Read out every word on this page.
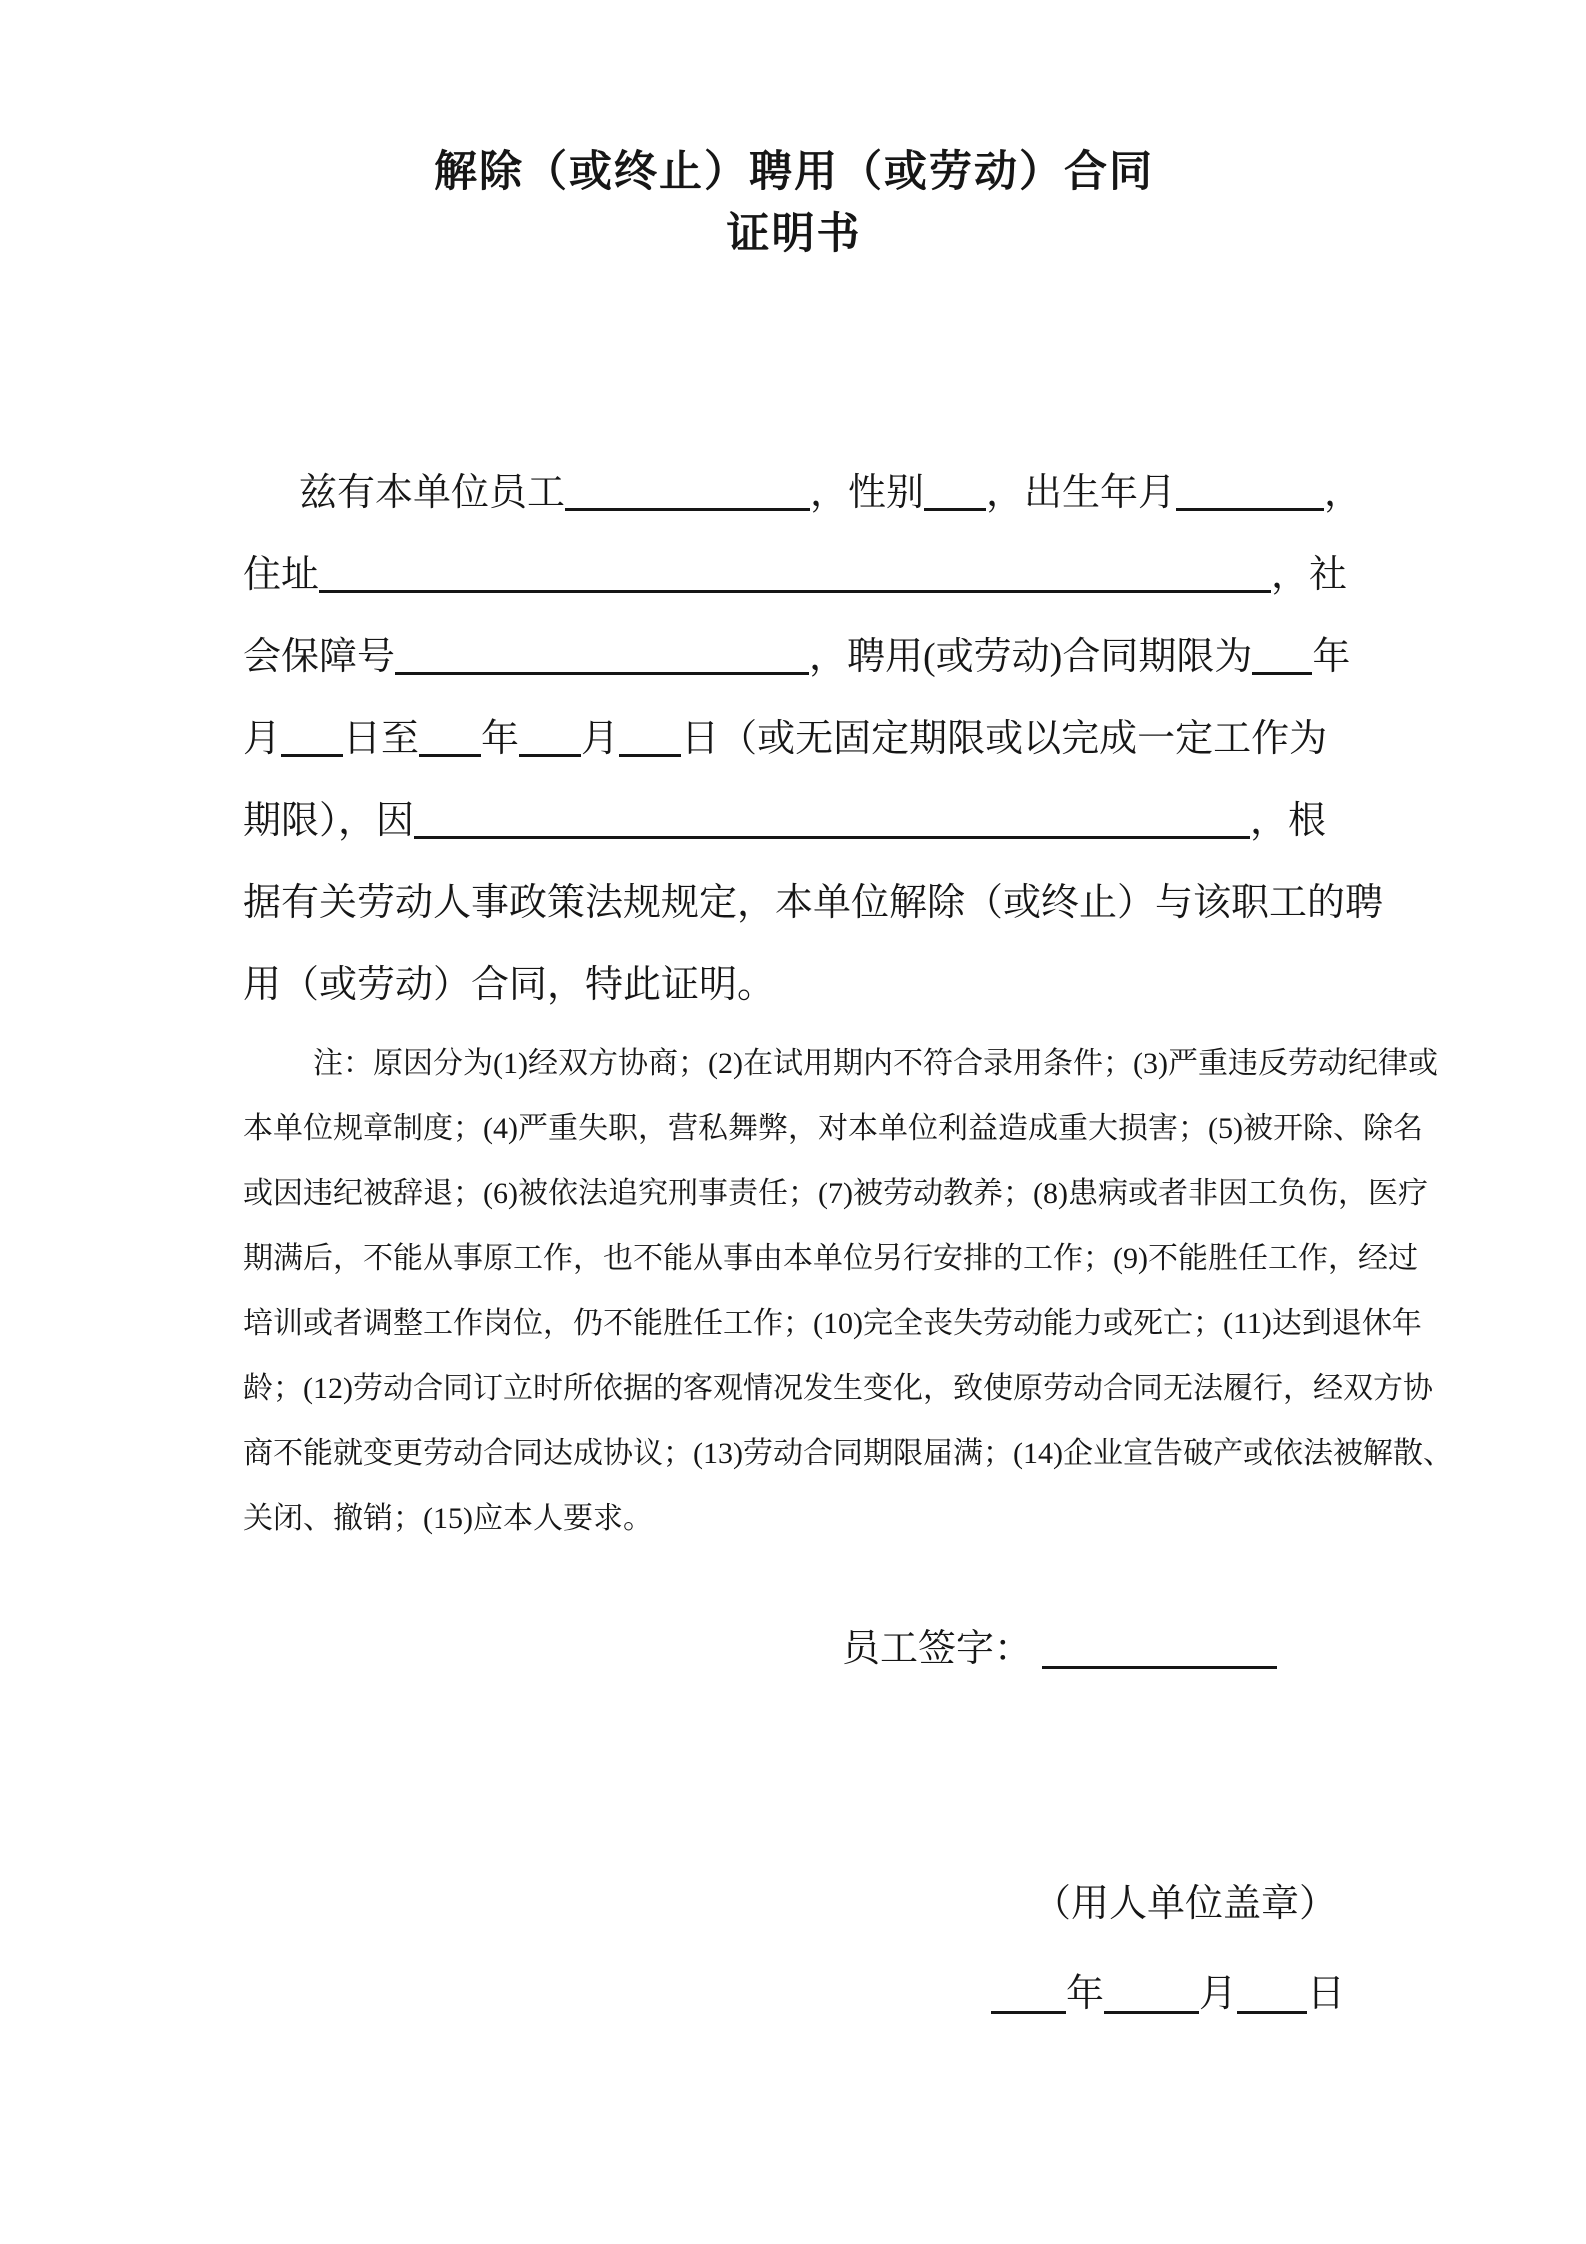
解除（或终止）聘用（或劳动）合同
证明书
兹有本单位员工	，性别 ，出生年月	，
住址	，社
会保障号	，聘用(或劳动)合同期限为 年
月 日至 年 月 日（或无固定期限或以完成一定工作为
期限），因	，根
据有关劳动人事政策法规规定，本单位解除（或终止）与该职工的聘
用（或劳动）合同，特此证明。
注：原因分为(1)经双方协商；(2)在试用期内不符合录用条件；(3)严重违反劳动纪律或
本单位规章制度；(4)严重失职，营私舞弊，对本单位利益造成重大损害；(5)被开除、除名
或因违纪被辞退；(6)被依法追究刑事责任；(7)被劳动教养；(8)患病或者非因工负伤，医疗
期满后，不能从事原工作，也不能从事由本单位另行安排的工作；(9)不能胜任工作，经过
培训或者调整工作岗位，仍不能胜任工作；(10)完全丧失劳动能力或死亡；(11)达到退休年
龄；(12)劳动合同订立时所依据的客观情况发生变化，致使原劳动合同无法履行，经双方协
商不能就变更劳动合同达成协议；(13)劳动合同期限届满；(14)企业宣告破产或依法被解散、
关闭、撤销；(15)应本人要求。
员工签字：
（用人单位盖章）
年	月 日
